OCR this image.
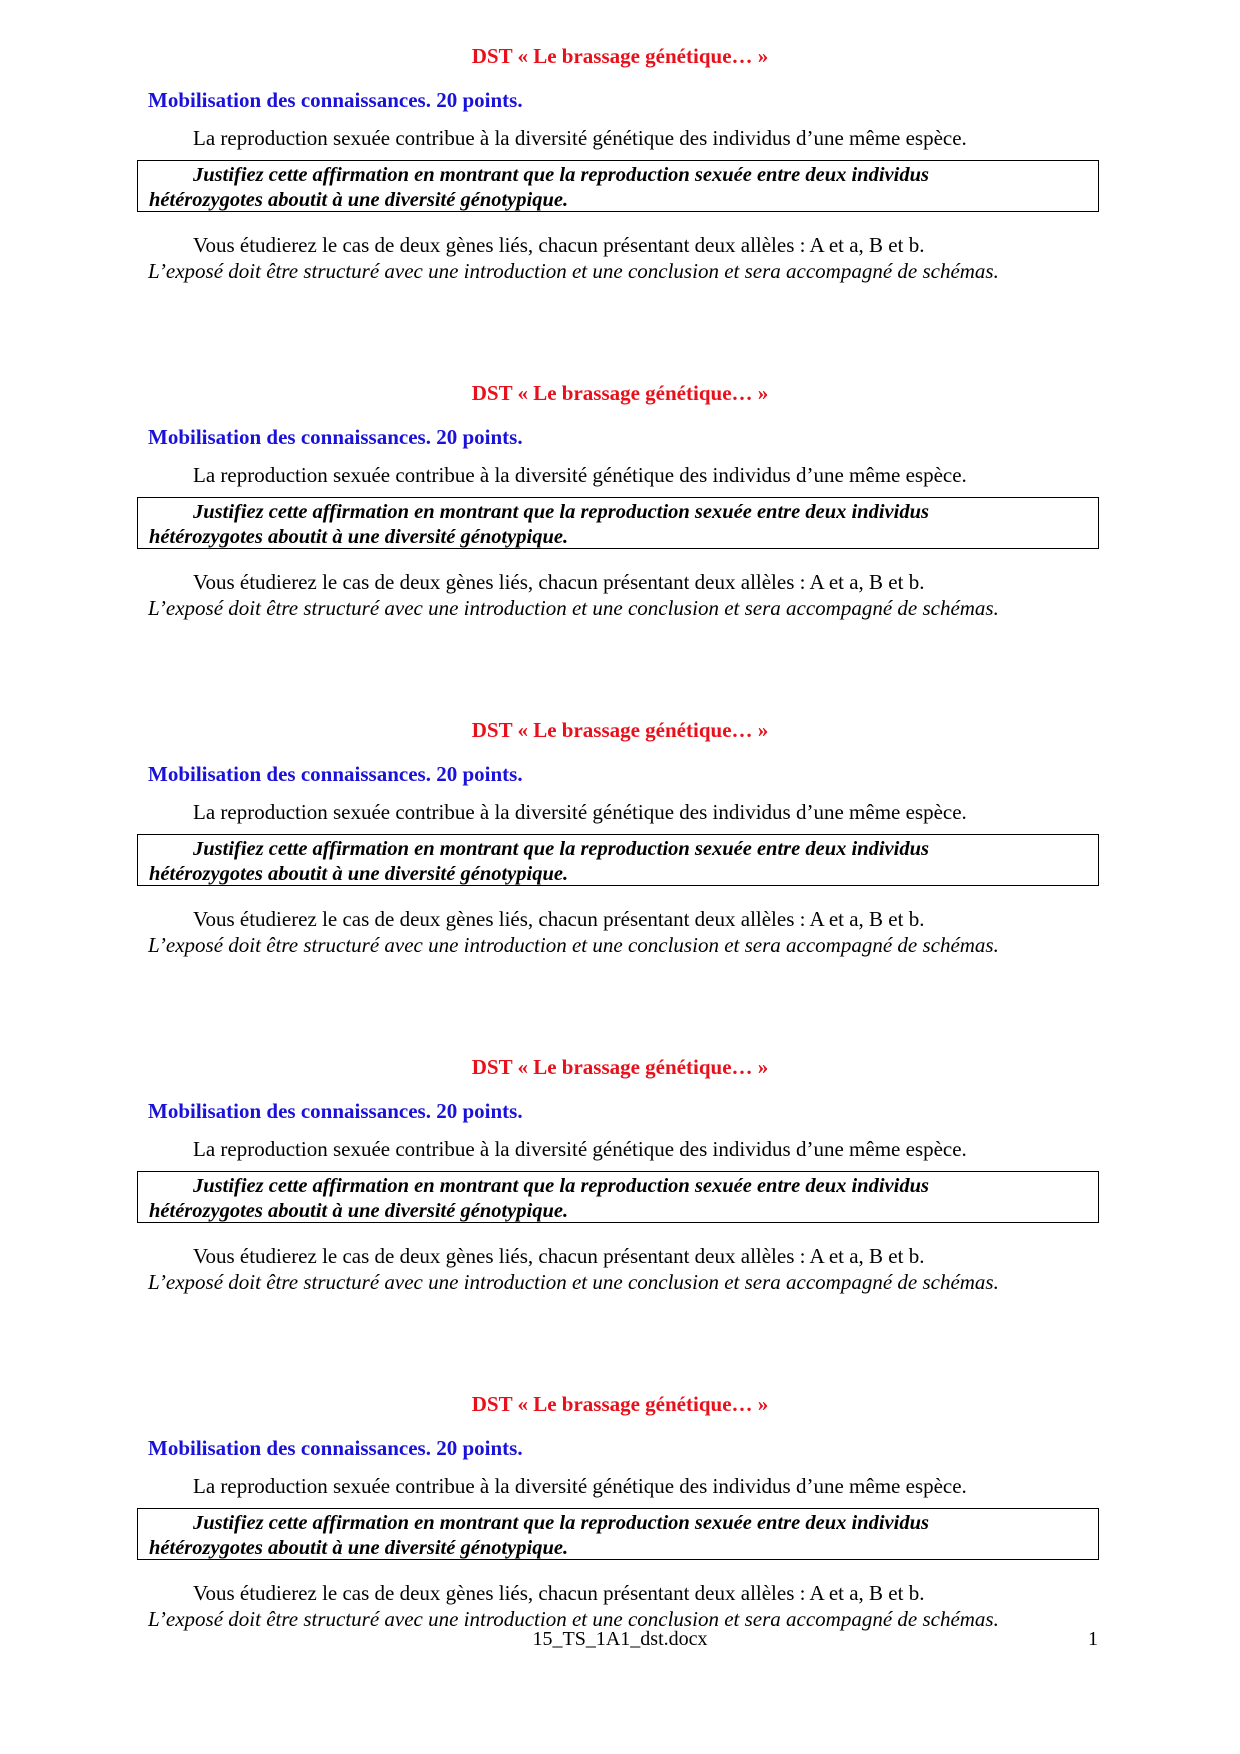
DST « Le brassage génétique… »
Mobilisation des connaissances. 20 points.
La reproduction sexuée contribue à la diversité génétique des individus d’une même espèce.
Justifiez cette affirmation en montrant que la reproduction sexuée entre deux individus
hétérozygotes aboutit à une diversité génotypique.
Vous étudierez le cas de deux gènes liés, chacun présentant deux allèles : A et a, B et b.
L’exposé doit être structuré avec une introduction et une conclusion et sera accompagné de schémas.
DST « Le brassage génétique… »
Mobilisation des connaissances. 20 points.
La reproduction sexuée contribue à la diversité génétique des individus d’une même espèce.
Justifiez cette affirmation en montrant que la reproduction sexuée entre deux individus
hétérozygotes aboutit à une diversité génotypique.
Vous étudierez le cas de deux gènes liés, chacun présentant deux allèles : A et a, B et b.
L’exposé doit être structuré avec une introduction et une conclusion et sera accompagné de schémas.
DST « Le brassage génétique… »
Mobilisation des connaissances. 20 points.
La reproduction sexuée contribue à la diversité génétique des individus d’une même espèce.
Justifiez cette affirmation en montrant que la reproduction sexuée entre deux individus
hétérozygotes aboutit à une diversité génotypique.
Vous étudierez le cas de deux gènes liés, chacun présentant deux allèles : A et a, B et b.
L’exposé doit être structuré avec une introduction et une conclusion et sera accompagné de schémas.
DST « Le brassage génétique… »
Mobilisation des connaissances. 20 points.
La reproduction sexuée contribue à la diversité génétique des individus d’une même espèce.
Justifiez cette affirmation en montrant que la reproduction sexuée entre deux individus
hétérozygotes aboutit à une diversité génotypique.
Vous étudierez le cas de deux gènes liés, chacun présentant deux allèles : A et a, B et b.
L’exposé doit être structuré avec une introduction et une conclusion et sera accompagné de schémas.
DST « Le brassage génétique… »
Mobilisation des connaissances. 20 points.
La reproduction sexuée contribue à la diversité génétique des individus d’une même espèce.
Justifiez cette affirmation en montrant que la reproduction sexuée entre deux individus
hétérozygotes aboutit à une diversité génotypique.
Vous étudierez le cas de deux gènes liés, chacun présentant deux allèles : A et a, B et b.
L’exposé doit être structuré avec une introduction et une conclusion et sera accompagné de schémas.
15_TS_1A1_dst.docx	1
